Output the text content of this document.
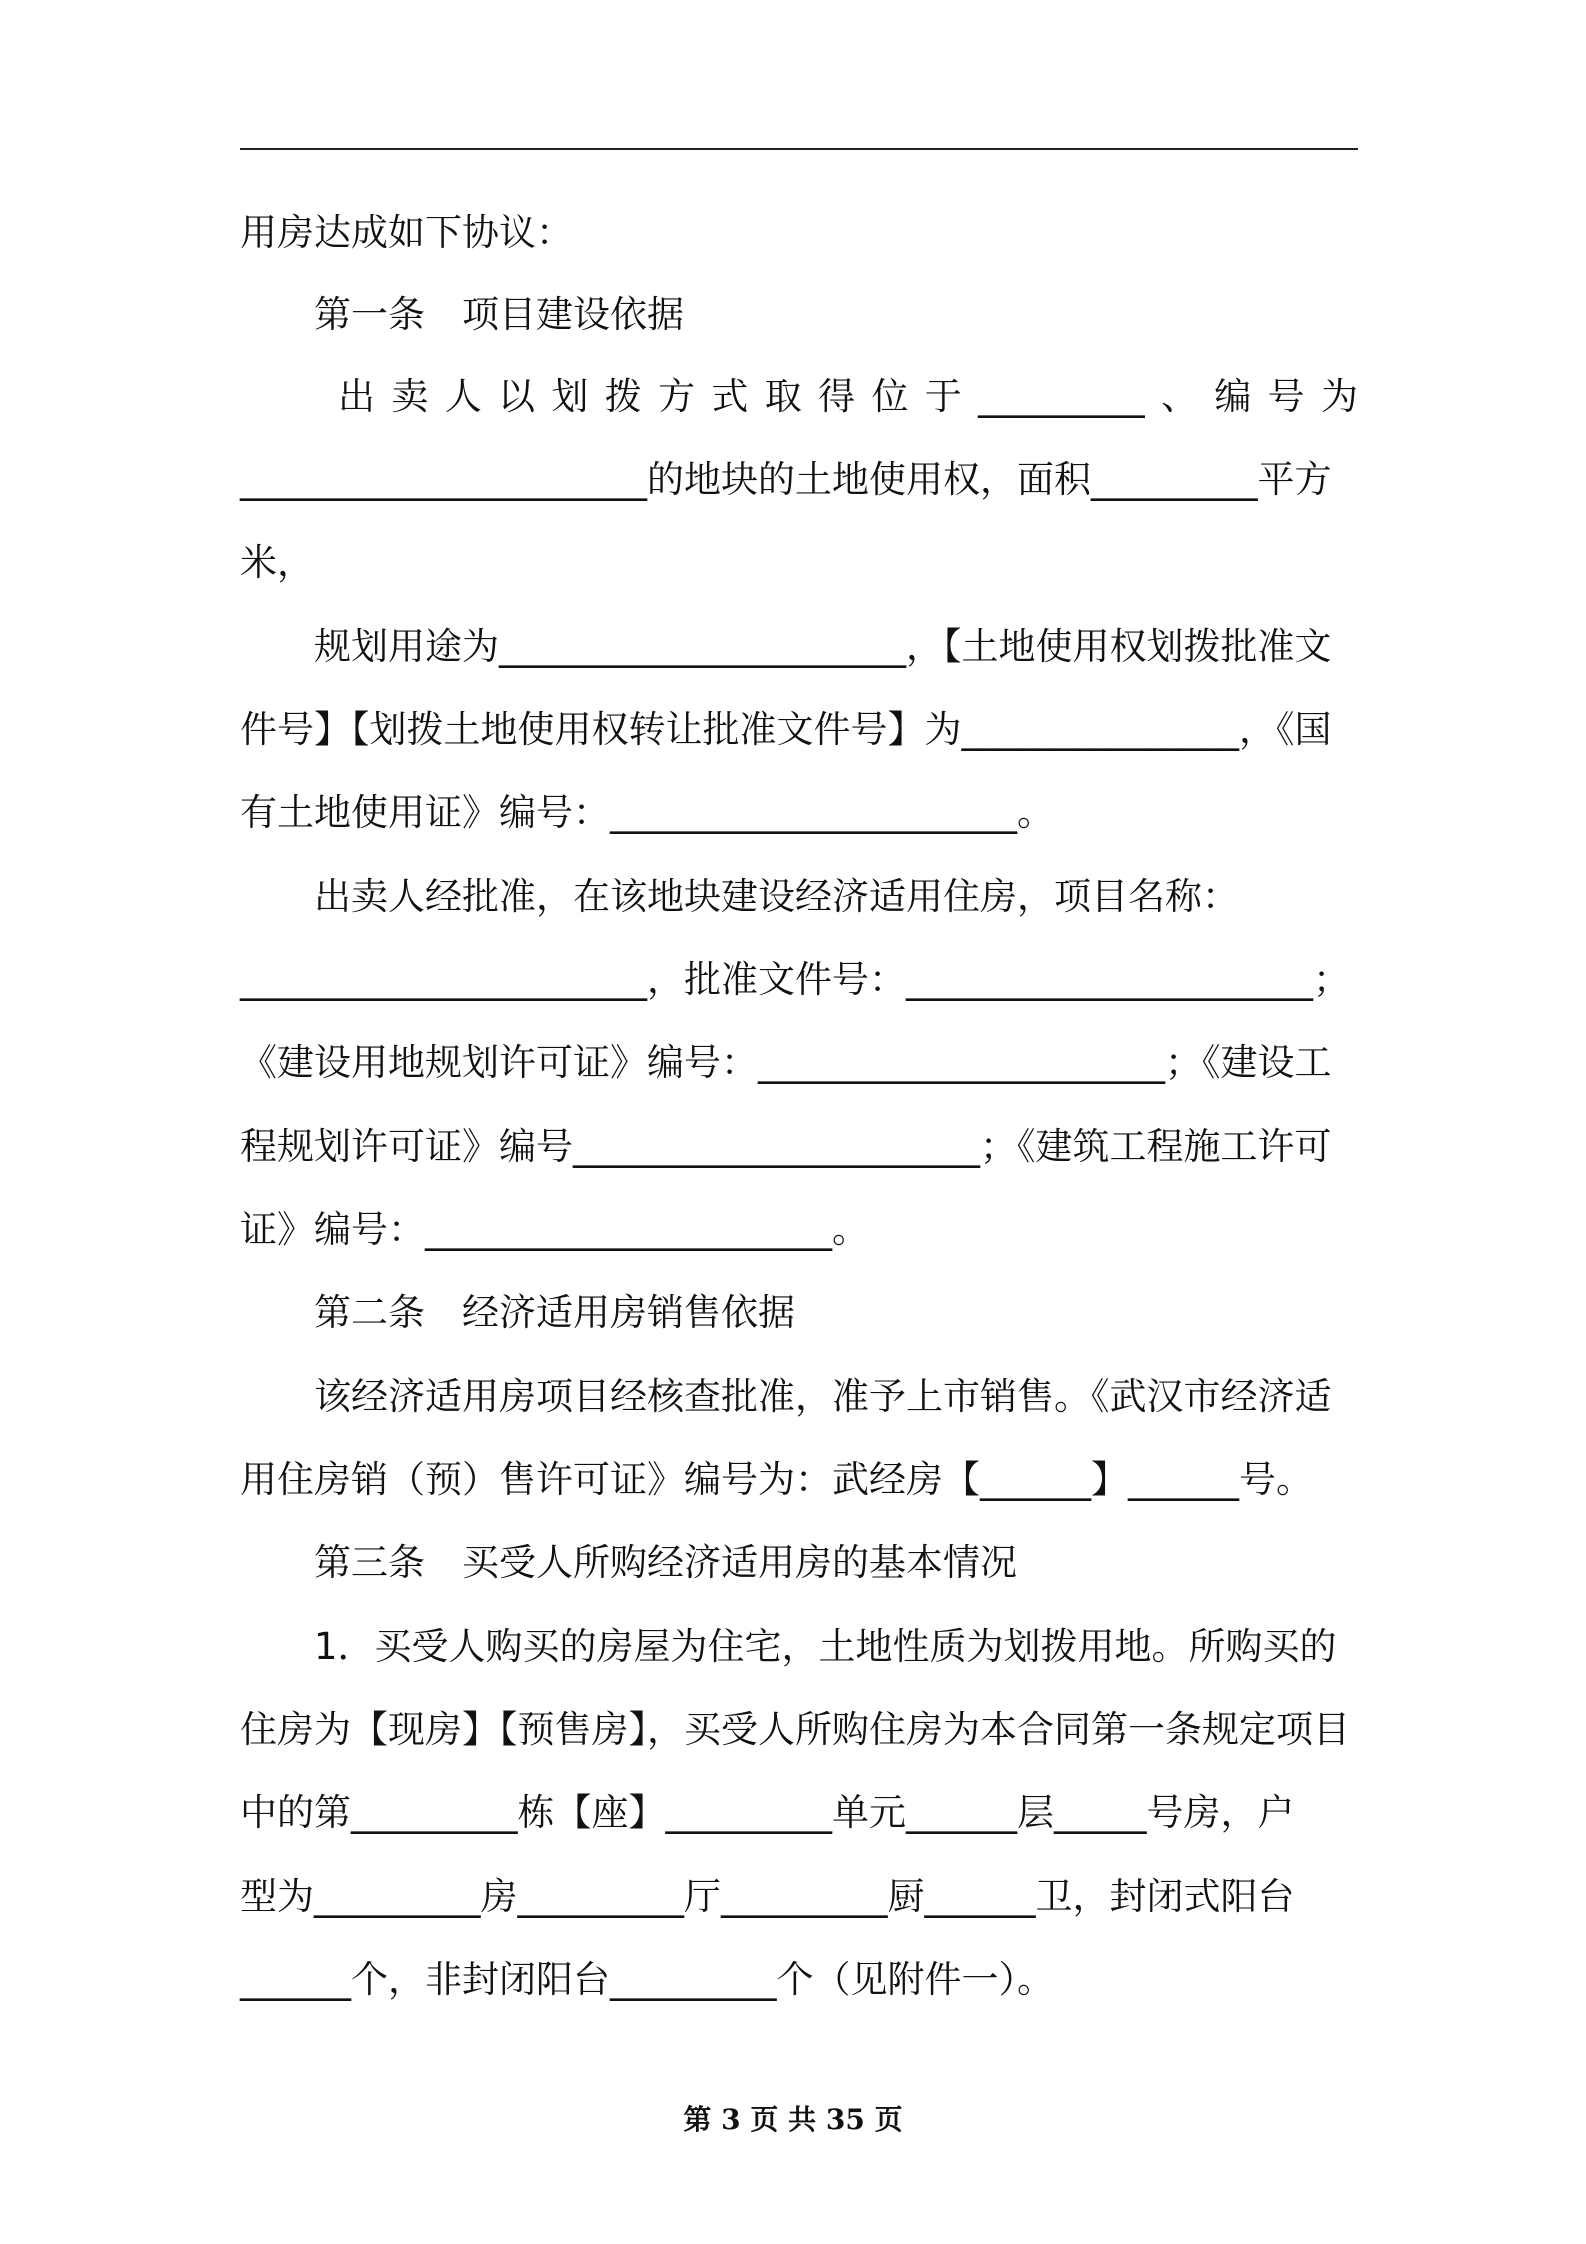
用房达成如下协议：
　　第一条　项目建设依据
出 卖 人 以 划 拨 方 式 取 得 位 于 _________ 、 编 号 为
______________________的地块的土地使用权，面积_________平方
米，
　　规划用途为______________________，【土地使用权划拨批准文
件号】【划拨土地使用权转让批准文件号】为_______________，《国
有土地使用证》编号：______________________。
　　出卖人经批准，在该地块建设经济适用住房，项目名称：
______________________，批准文件号：______________________；
《建设用地规划许可证》编号：______________________；《建设工
程规划许可证》编号______________________；《建筑工程施工许可
证》编号：______________________。
　　第二条　经济适用房销售依据
　　该经济适用房项目经核查批准，准予上市销售。《武汉市经济适
用住房销（预）售许可证》编号为：武经房【______】______号。
　　第三条　买受人所购经济适用房的基本情况
　　1．买受人购买的房屋为住宅，土地性质为划拨用地。所购买的
住房为【现房】【预售房】，买受人所购住房为本合同第一条规定项目
中的第_________栋【座】_________单元______层_____号房，户
型为_________房_________厅_________厨______卫，封闭式阳台
______个，非封闭阳台_________个（见附件一）。
第 3 页 共 35 页
